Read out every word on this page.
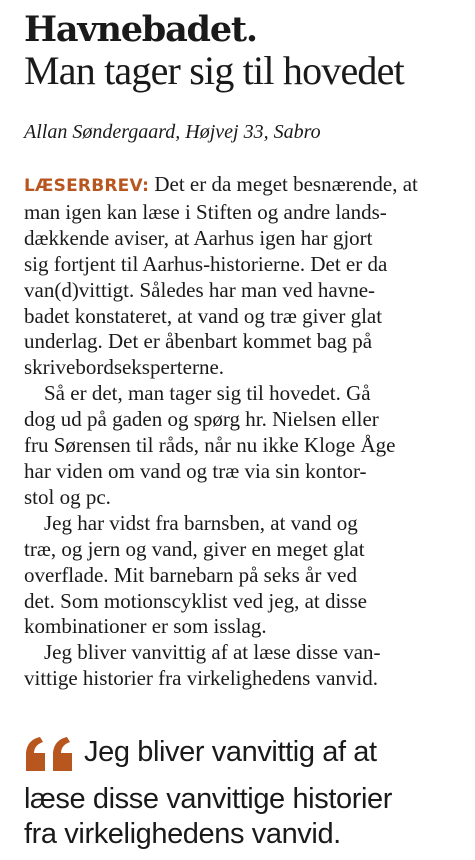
Havnebadet.
Man tager sig til hovedet
Allan Søndergaard, Højvej 33, Sabro

LÆSERBREV: Det er da meget besnærende, at
man igen kan læse i Stiften og andre lands-
dækkende aviser, at Aarhus igen har gjort
sig fortjent til Aarhus-historierne. Det er da
van(d)vittigt. Således har man ved havne-
badet konstateret, at vand og træ giver glat
underlag. Det er åbenbart kommet bag på
skrivebordseksperterne.

Så er det, man tager sig til hovedet. Gå
dog ud på gaden og spørg hr. Nielsen eller
fru Sørensen til råds, når nu ikke Kloge Åge
har viden om vand og træ via sin kontor-
stol og pc.

Jeg har vidst fra barnsben, at vand og
træ, og jern og vand, giver en meget glat
overflade. Mit barnebarn på seks år ved
det. Som motionscyklist ved jeg, at disse
kombinationer er som isslag.

Jeg bliver vanvittig af at læse disse van-
vittige historier fra virkelighedens vanvid.

Jeg bliver vanvittig af at
læse disse vanvittige historier
fra virkelighedens vanvid.
